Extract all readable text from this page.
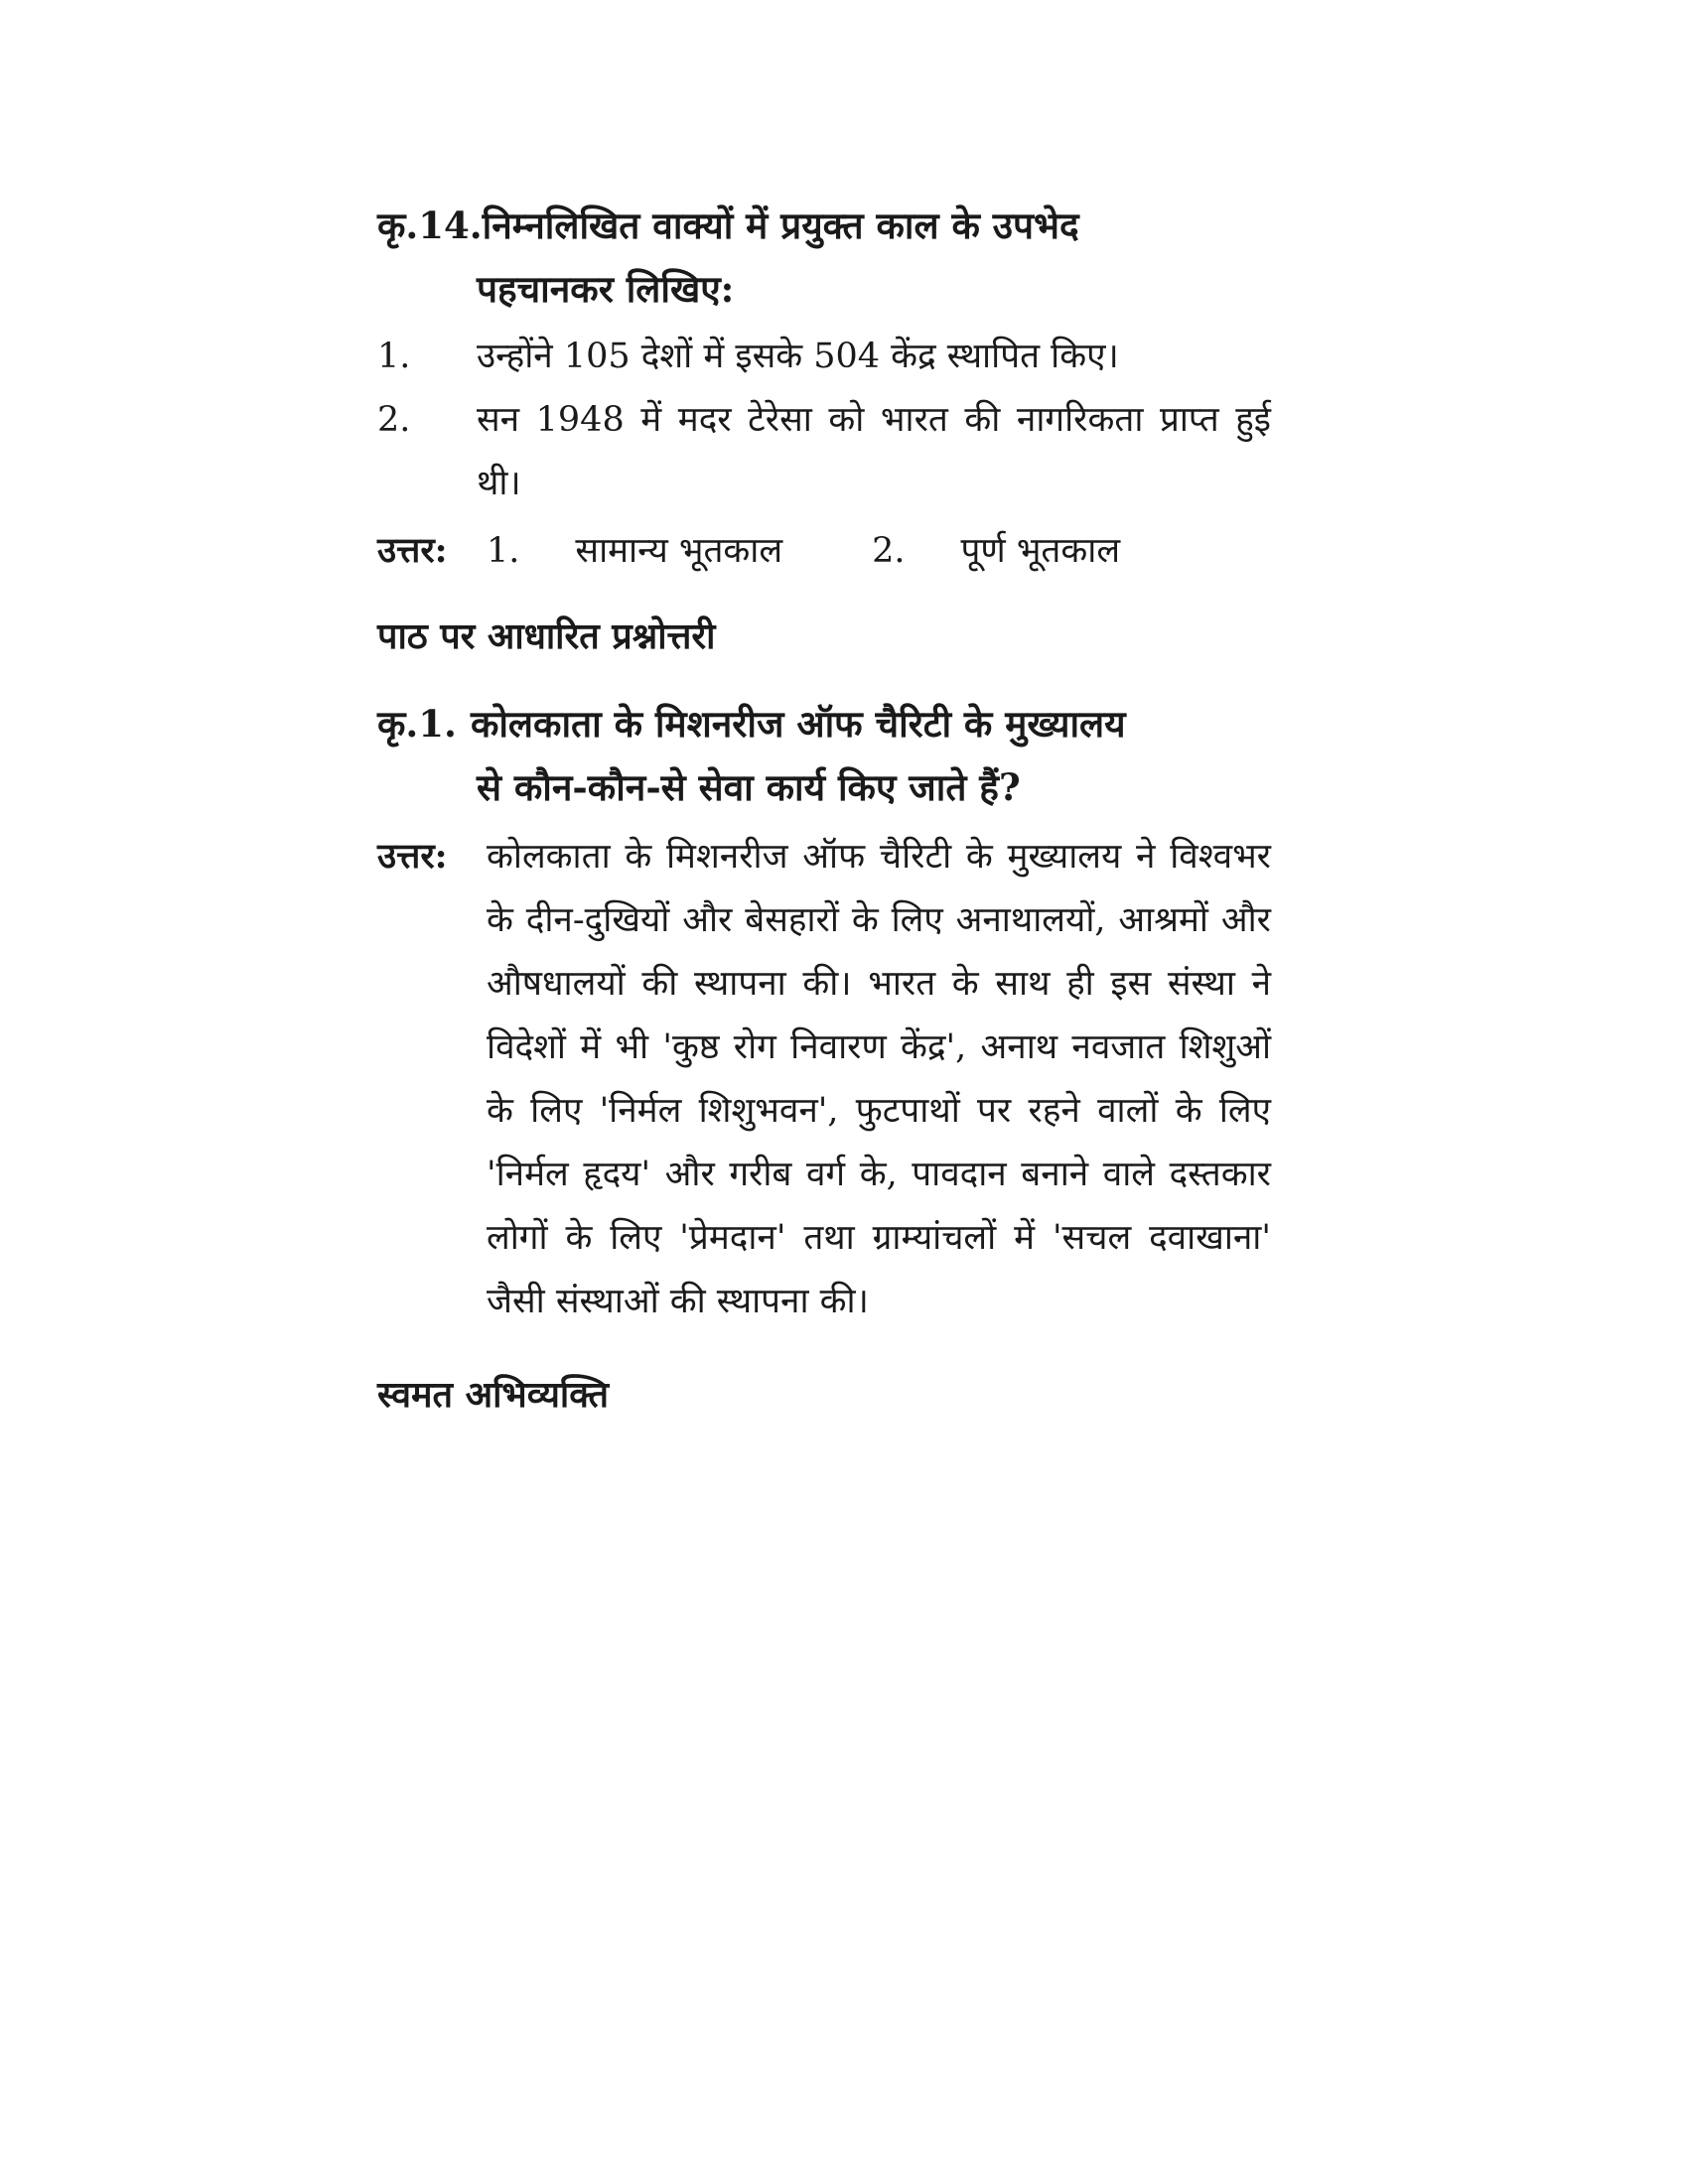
कृ.14. निम्नलिखित वाक्यों में प्रयुक्त काल के उपभेद
पहचानकर लिखिए:
1.	उन्होंने 105 देशों में इसके 504 केंद्र स्थापित किए।
2.	सन 1948 में मदर टेरेसा को भारत की नागरिकता प्राप्त हुई थी।
उत्तर:	1. सामान्य भूतकाल	2. पूर्ण भूतकाल
पाठ पर आधारित प्रश्नोत्तरी
कृ.1. कोलकाता के मिशनरीज ऑफ चैरिटी के मुख्यालय
से कौन-कौन-से सेवा कार्य किए जाते हैं?
उत्तर:	कोलकाता के मिशनरीज ऑफ चैरिटी के मुख्यालय ने विश्वभर के दीन-दुखियों और बेसहारों के लिए अनाथालयों, आश्रमों और औषधालयों की स्थापना की। भारत के साथ ही इस संस्था ने विदेशों में भी 'कुष्ठ रोग निवारण केंद्र', अनाथ नवजात शिशुओं के लिए 'निर्मल शिशुभवन', फुटपाथों पर रहने वालों के लिए 'निर्मल हृदय' और गरीब वर्ग के, पावदान बनाने वाले दस्तकार लोगों के लिए 'प्रेमदान' तथा ग्राम्यांचलों में 'सचल दवाखाना' जैसी संस्थाओं की स्थापना की।
स्वमत अभिव्यक्ति
